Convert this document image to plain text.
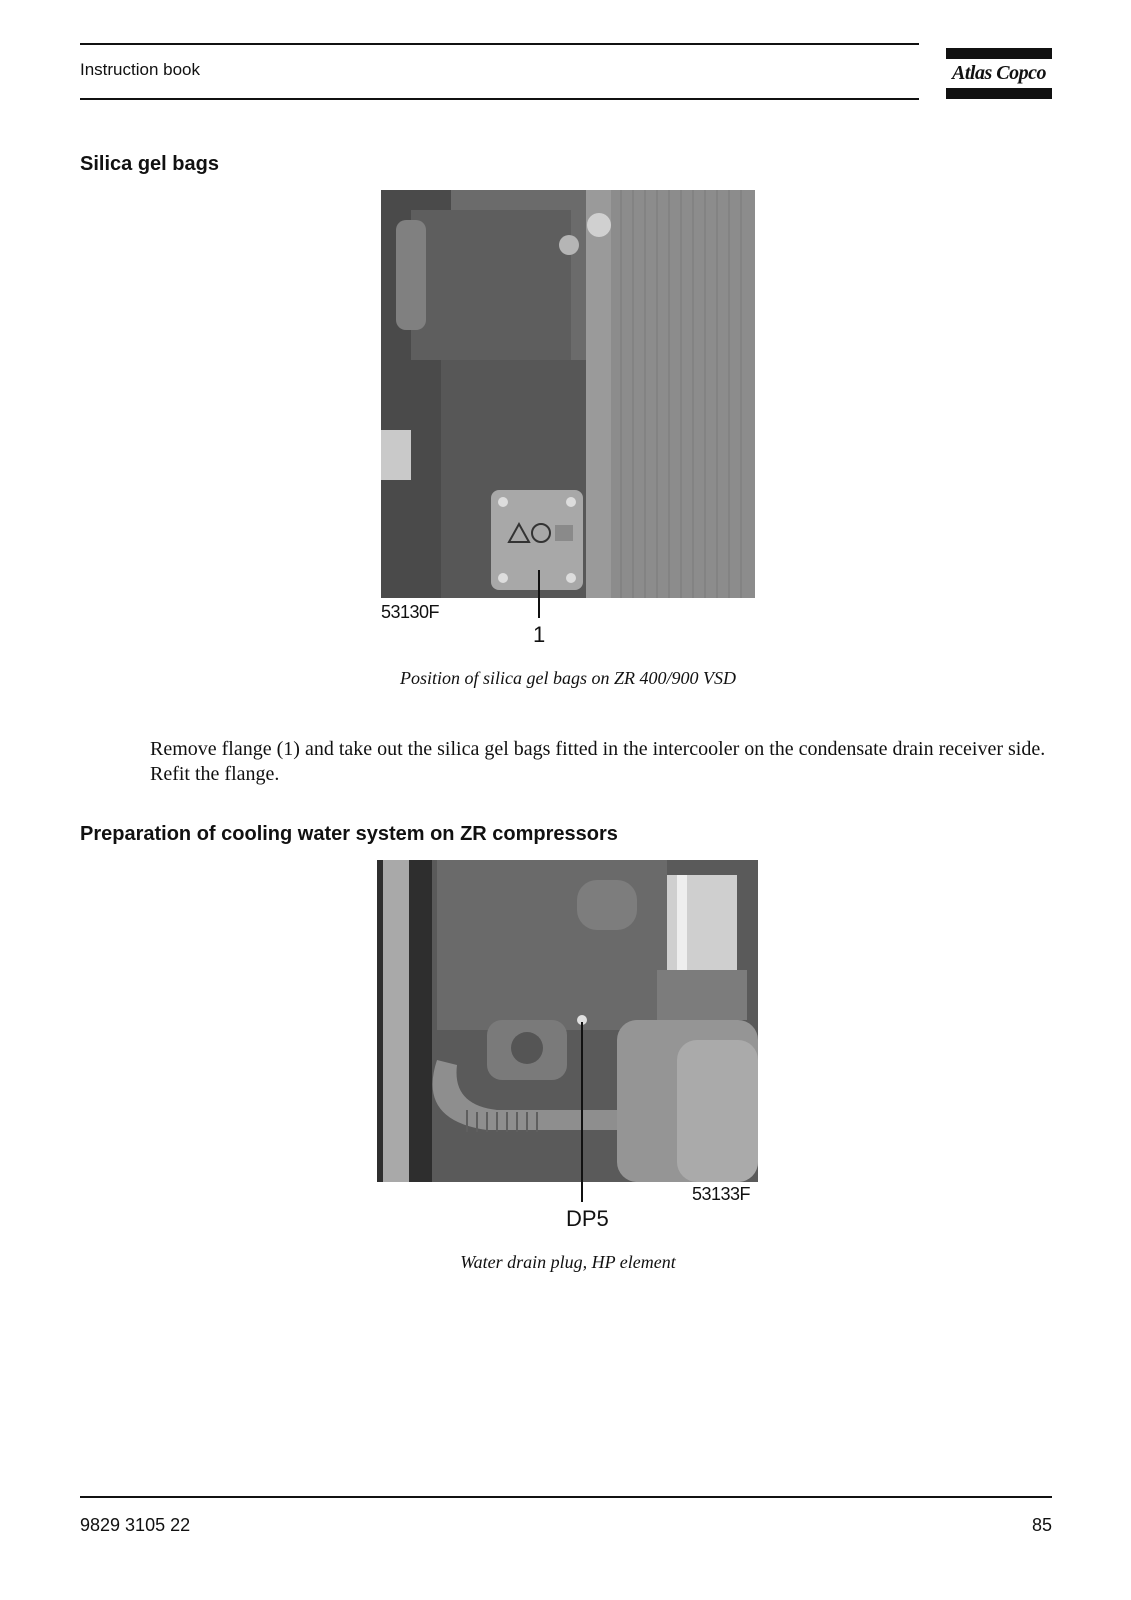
Instruction book	Atlas Copco
Silica gel bags
53130F
1
Position of silica gel bags on ZR 400/900 VSD

Remove flange (1) and take out the silica gel bags fitted in the intercooler on the condensate drain receiver side. Refit the flange.

Preparation of cooling water system on ZR compressors
53133F
DP5
Water drain plug, HP element
9829 3105 22	85
